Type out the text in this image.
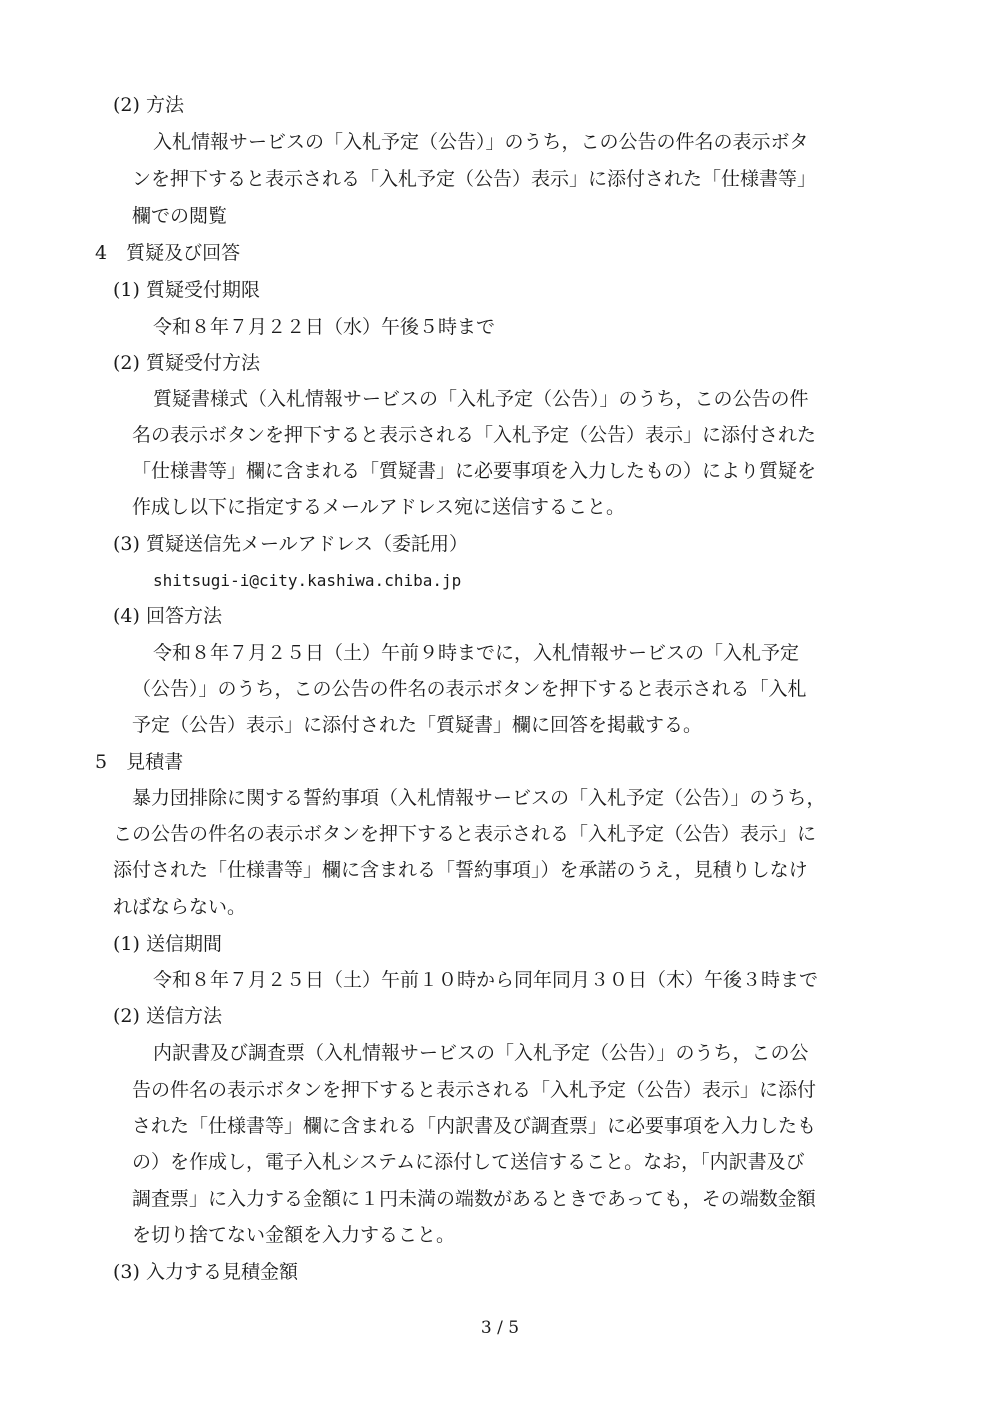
(2) 方法

入札情報サービスの「入札予定（公告）」のうち，この公告の件名の表示ボタ

ンを押下すると表示される「入札予定（公告）表示」に添付された「仕様書等」

欄での閲覧

4　質疑及び回答

(1) 質疑受付期限

令和８年７月２２日（水）午後５時まで

(2) 質疑受付方法

質疑書様式（入札情報サービスの「入札予定（公告）」のうち，この公告の件

名の表示ボタンを押下すると表示される「入札予定（公告）表示」に添付された

「仕様書等」欄に含まれる「質疑書」に必要事項を入力したもの）により質疑を

作成し以下に指定するメールアドレス宛に送信すること。

(3) 質疑送信先メールアドレス（委託用）

shitsugi-i@city.kashiwa.chiba.jp

(4) 回答方法

令和８年７月２５日（土）午前９時までに，入札情報サービスの「入札予定

（公告）」のうち，この公告の件名の表示ボタンを押下すると表示される「入札

予定（公告）表示」に添付された「質疑書」欄に回答を掲載する。

5　見積書

暴力団排除に関する誓約事項（入札情報サービスの「入札予定（公告）」のうち，

この公告の件名の表示ボタンを押下すると表示される「入札予定（公告）表示」に

添付された「仕様書等」欄に含まれる「誓約事項」）を承諾のうえ，見積りしなけ

ればならない。

(1) 送信期間

令和８年７月２５日（土）午前１０時から同年同月３０日（木）午後３時まで

(2) 送信方法

内訳書及び調査票（入札情報サービスの「入札予定（公告）」のうち，この公

告の件名の表示ボタンを押下すると表示される「入札予定（公告）表示」に添付

された「仕様書等」欄に含まれる「内訳書及び調査票」に必要事項を入力したも

の）を作成し，電子入札システムに添付して送信すること。なお，「内訳書及び

調査票」に入力する金額に１円未満の端数があるときであっても，その端数金額

を切り捨てない金額を入力すること。

(3) 入力する見積金額

3 / 5
